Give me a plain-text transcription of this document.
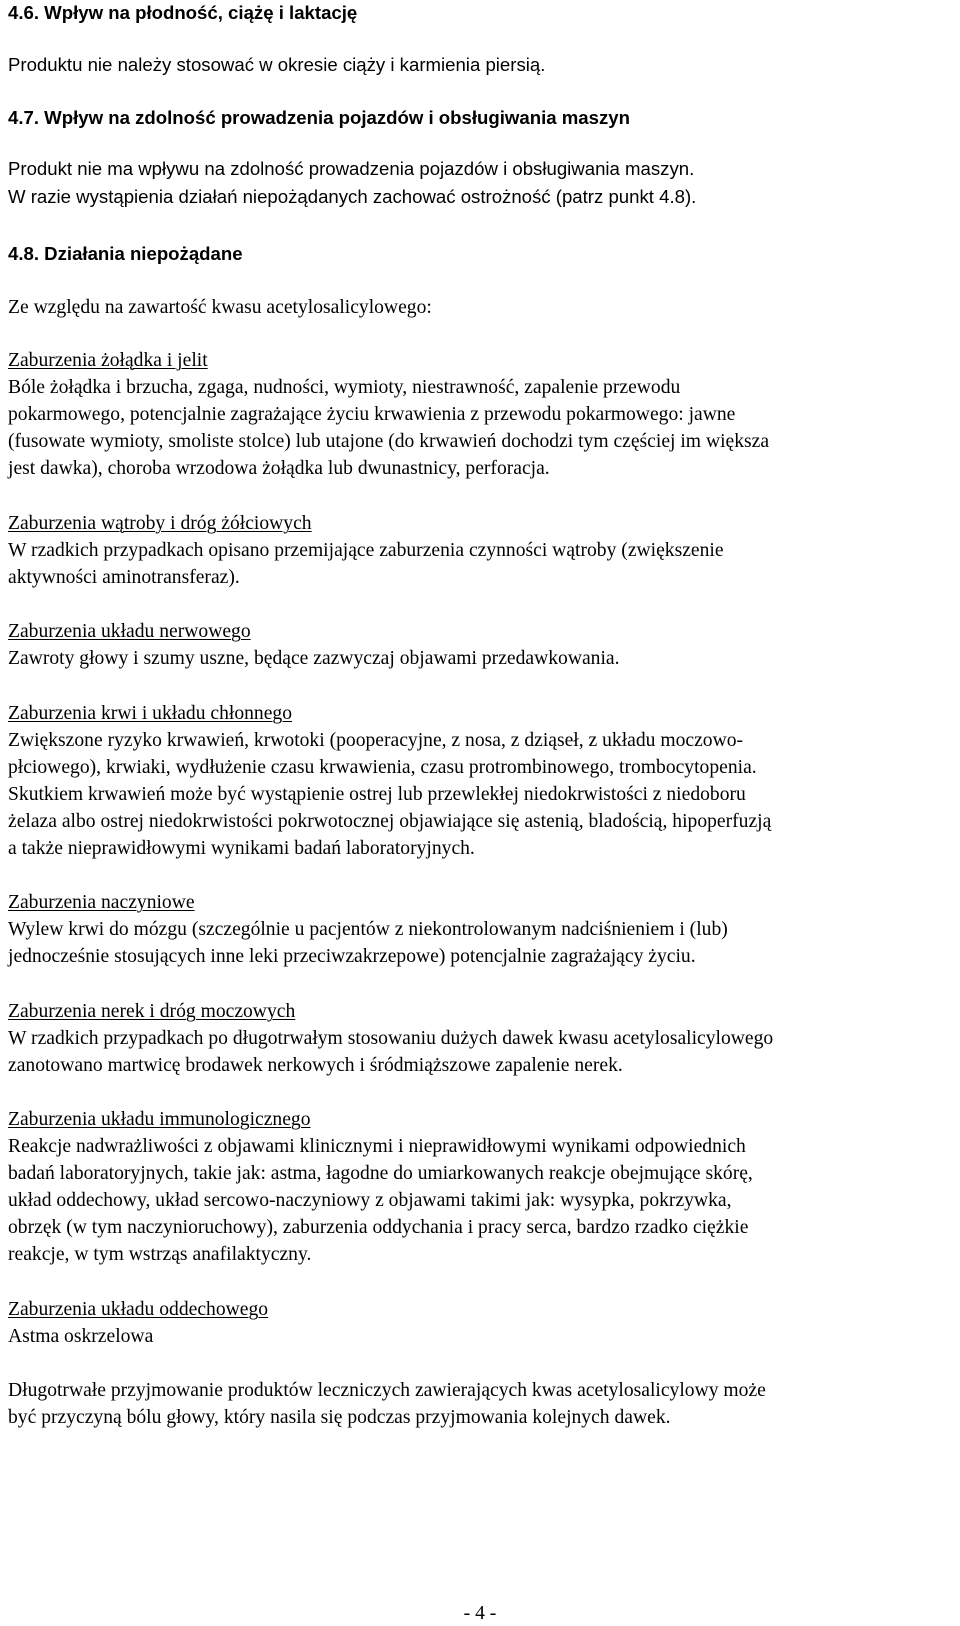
4.6. Wpływ na płodność, ciążę i laktację
Produktu nie należy stosować w okresie ciąży i karmienia piersią.
4.7. Wpływ na zdolność prowadzenia pojazdów i obsługiwania maszyn
Produkt nie ma wpływu na zdolność prowadzenia pojazdów i obsługiwania maszyn.
W razie wystąpienia działań niepożądanych zachować ostrożność (patrz punkt 4.8).
4.8. Działania niepożądane
Ze względu na zawartość kwasu acetylosalicylowego:
Zaburzenia żołądka i jelit
Bóle żołądka i brzucha, zgaga, nudności, wymioty, niestrawność, zapalenie przewodu
pokarmowego, potencjalnie zagrażające życiu krwawienia z przewodu pokarmowego: jawne
(fusowate wymioty, smoliste stolce) lub utajone (do krwawień dochodzi tym częściej im większa
jest dawka), choroba wrzodowa żołądka lub dwunastnicy, perforacja.
Zaburzenia wątroby i dróg żółciowych
W rzadkich przypadkach opisano przemijające zaburzenia czynności wątroby (zwiększenie
aktywności aminotransferaz).
Zaburzenia układu nerwowego
Zawroty głowy i szumy uszne, będące zazwyczaj objawami przedawkowania.
Zaburzenia krwi i układu chłonnego
Zwiększone ryzyko krwawień, krwotoki (pooperacyjne, z nosa, z dziąseł, z układu moczowo-
płciowego), krwiaki, wydłużenie czasu krwawienia, czasu protrombinowego, trombocytopenia.
Skutkiem krwawień może być wystąpienie ostrej lub przewlekłej niedokrwistości z niedoboru
żelaza albo ostrej niedokrwistości pokrwotocznej objawiające się astenią, bladością, hipoperfuzją
a także nieprawidłowymi wynikami badań laboratoryjnych.
Zaburzenia naczyniowe
Wylew krwi do mózgu (szczególnie u pacjentów z niekontrolowanym nadciśnieniem i (lub)
jednocześnie stosujących inne leki przeciwzakrzepowe) potencjalnie zagrażający życiu.
Zaburzenia nerek i dróg moczowych
W rzadkich przypadkach po długotrwałym stosowaniu dużych dawek kwasu acetylosalicylowego
zanotowano martwicę brodawek nerkowych i śródmiąższowe zapalenie nerek.
Zaburzenia układu immunologicznego
Reakcje nadwrażliwości z objawami klinicznymi i nieprawidłowymi wynikami odpowiednich
badań laboratoryjnych, takie jak: astma, łagodne do umiarkowanych reakcje obejmujące skórę,
układ oddechowy, układ sercowo-naczyniowy z objawami takimi jak: wysypka, pokrzywka,
obrzęk (w tym naczynioruchowy), zaburzenia oddychania i pracy serca, bardzo rzadko ciężkie
reakcje, w tym wstrząs anafilaktyczny.
Zaburzenia układu oddechowego
Astma oskrzelowa
Długotrwałe przyjmowanie produktów leczniczych zawierających kwas acetylosalicylowy może
być przyczyną bólu głowy, który nasila się podczas przyjmowania kolejnych dawek.
- 4 -
